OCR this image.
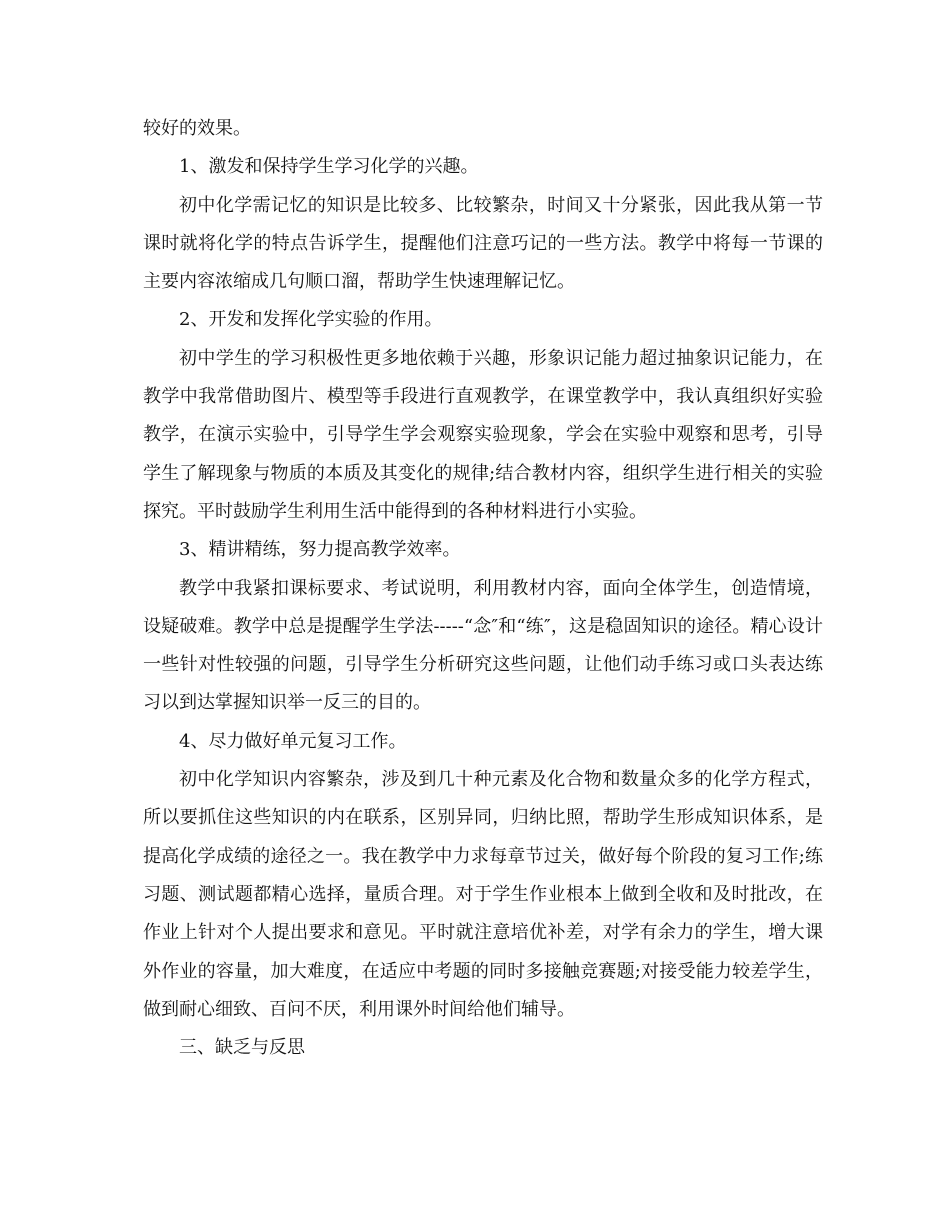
较好的效果。

1、激发和保持学生学习化学的兴趣。

初中化学需记忆的知识是比较多、比较繁杂，时间又十分紧张，因此我从第一节课时就将化学的特点告诉学生，提醒他们注意巧记的一些方法。教学中将每一节课的主要内容浓缩成几句顺口溜，帮助学生快速理解记忆。

2、开发和发挥化学实验的作用。

初中学生的学习积极性更多地依赖于兴趣，形象识记能力超过抽象识记能力，在教学中我常借助图片、模型等手段进行直观教学，在课堂教学中，我认真组织好实验教学，在演示实验中，引导学生学会观察实验现象，学会在实验中观察和思考，引导学生了解现象与物质的本质及其变化的规律;结合教材内容，组织学生进行相关的实验探究。平时鼓励学生利用生活中能得到的各种材料进行小实验。

3、精讲精练，努力提高教学效率。

教学中我紧扣课标要求、考试说明，利用教材内容，面向全体学生，创造情境，设疑破难。教学中总是提醒学生学法-----“念″和“练″，这是稳固知识的途径。精心设计一些针对性较强的问题，引导学生分析研究这些问题，让他们动手练习或口头表达练习以到达掌握知识举一反三的目的。

4、尽力做好单元复习工作。

初中化学知识内容繁杂，涉及到几十种元素及化合物和数量众多的化学方程式，所以要抓住这些知识的内在联系，区别异同，归纳比照，帮助学生形成知识体系，是提高化学成绩的途径之一。我在教学中力求每章节过关，做好每个阶段的复习工作;练习题、测试题都精心选择，量质合理。对于学生作业根本上做到全收和及时批改，在作业上针对个人提出要求和意见。平时就注意培优补差，对学有余力的学生，增大课外作业的容量，加大难度，在适应中考题的同时多接触竞赛题;对接受能力较差学生，做到耐心细致、百问不厌，利用课外时间给他们辅导。

三、缺乏与反思
